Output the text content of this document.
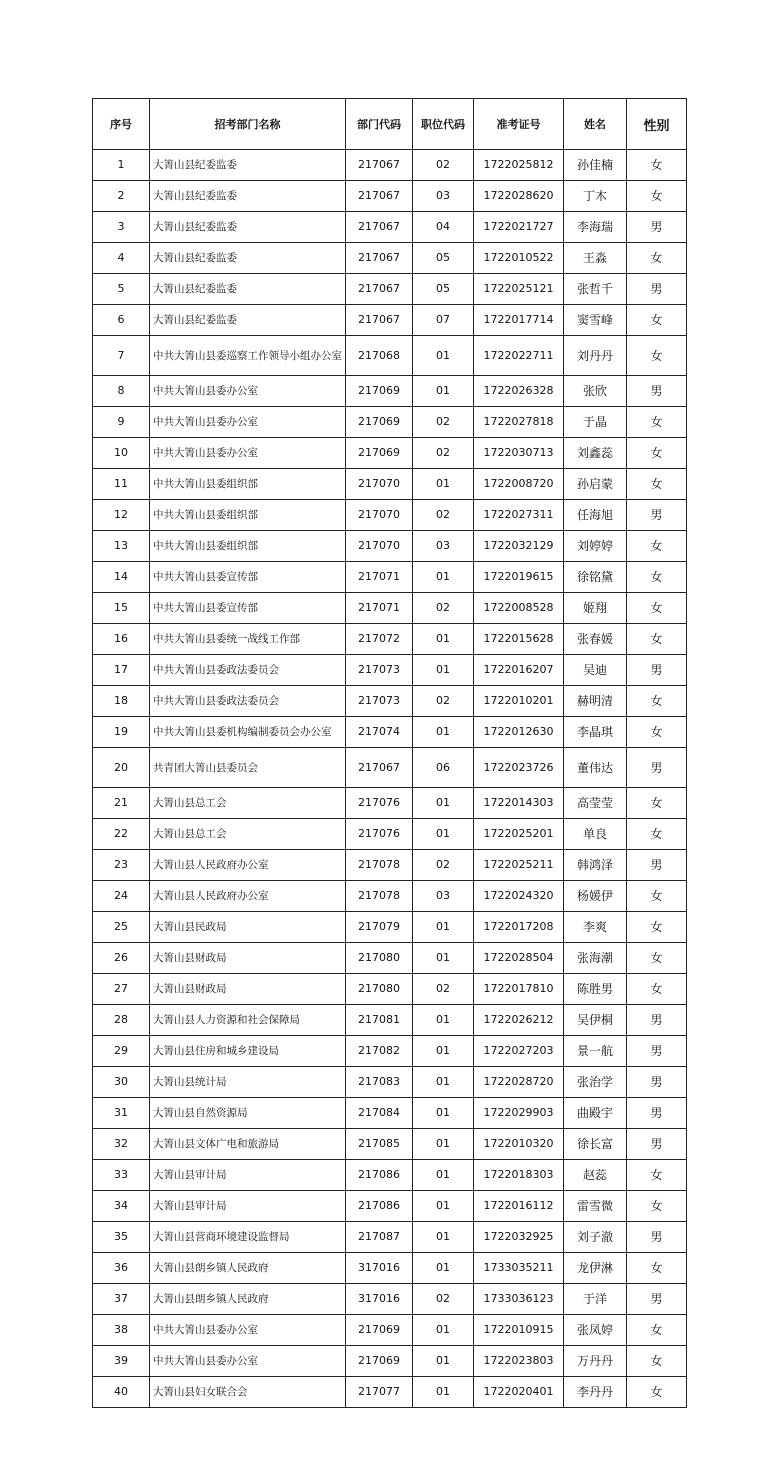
序号	招考部门名称	部门代码	职位代码	准考证号	姓名	性别
1	大箐山县纪委监委	217067	02	1722025812	孙佳楠	女
2	大箐山县纪委监委	217067	03	1722028620	丁木	女
3	大箐山县纪委监委	217067	04	1722021727	李海瑞	男
4	大箐山县纪委监委	217067	05	1722010522	王淼	女
5	大箐山县纪委监委	217067	05	1722025121	张哲千	男
6	大箐山县纪委监委	217067	07	1722017714	窦雪峰	女
7	中共大箐山县委巡察工作领导小组办公室	217068	01	1722022711	刘丹丹	女
8	中共大箐山县委办公室	217069	01	1722026328	张欣	男
9	中共大箐山县委办公室	217069	02	1722027818	于晶	女
10	中共大箐山县委办公室	217069	02	1722030713	刘鑫蕊	女
11	中共大箐山县委组织部	217070	01	1722008720	孙启蒙	女
12	中共大箐山县委组织部	217070	02	1722027311	任海旭	男
13	中共大箐山县委组织部	217070	03	1722032129	刘婷婷	女
14	中共大箐山县委宣传部	217071	01	1722019615	徐铭黛	女
15	中共大箐山县委宣传部	217071	02	1722008528	姬翔	女
16	中共大箐山县委统一战线工作部	217072	01	1722015628	张春媛	女
17	中共大箐山县委政法委员会	217073	01	1722016207	吴迪	男
18	中共大箐山县委政法委员会	217073	02	1722010201	赫明清	女
19	中共大箐山县委机构编制委员会办公室	217074	01	1722012630	李晶琪	女
20	共青团大箐山县委员会	217067	06	1722023726	董伟达	男
21	大箐山县总工会	217076	01	1722014303	高莹莹	女
22	大箐山县总工会	217076	01	1722025201	单良	女
23	大箐山县人民政府办公室	217078	02	1722025211	韩鸿泽	男
24	大箐山县人民政府办公室	217078	03	1722024320	杨媛伊	女
25	大箐山县民政局	217079	01	1722017208	李爽	女
26	大箐山县财政局	217080	01	1722028504	张海潮	女
27	大箐山县财政局	217080	02	1722017810	陈胜男	女
28	大箐山县人力资源和社会保障局	217081	01	1722026212	吴伊桐	男
29	大箐山县住房和城乡建设局	217082	01	1722027203	景一航	男
30	大箐山县统计局	217083	01	1722028720	张治学	男
31	大箐山县自然资源局	217084	01	1722029903	曲殿宇	男
32	大箐山县文体广电和旅游局	217085	01	1722010320	徐长富	男
33	大箐山县审计局	217086	01	1722018303	赵蕊	女
34	大箐山县审计局	217086	01	1722016112	雷雪微	女
35	大箐山县营商环境建设监督局	217087	01	1722032925	刘子澈	男
36	大箐山县朗乡镇人民政府	317016	01	1733035211	龙伊淋	女
37	大箐山县朗乡镇人民政府	317016	02	1733036123	于洋	男
38	中共大箐山县委办公室	217069	01	1722010915	张凤婷	女
39	中共大箐山县委办公室	217069	01	1722023803	万丹丹	女
40	大箐山县妇女联合会	217077	01	1722020401	李丹丹	女
